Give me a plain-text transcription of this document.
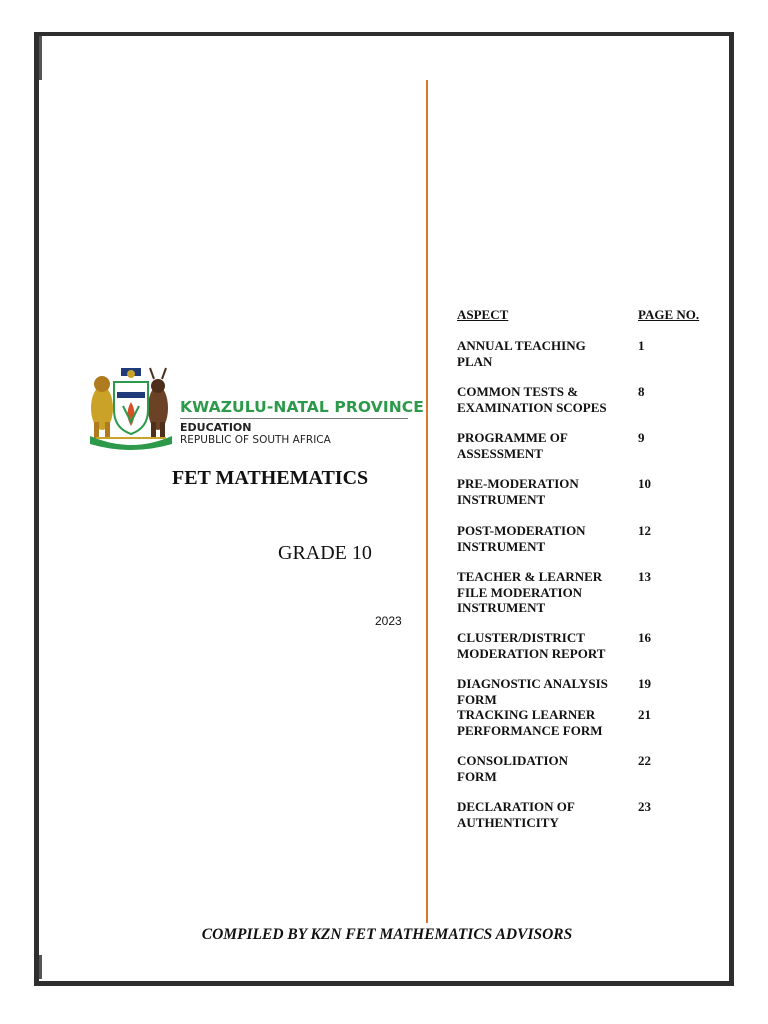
KWAZULU-NATAL PROVINCE
EDUCATION
REPUBLIC OF SOUTH AFRICA
FET MATHEMATICS
GRADE 10
2023
ASPECT	PAGE NO.
ANNUAL TEACHING
PLAN
1
COMMON TESTS &
EXAMINATION SCOPES
8
PROGRAMME OF
ASSESSMENT
9
PRE-MODERATION
INSTRUMENT
10
POST-MODERATION
INSTRUMENT
12
TEACHER & LEARNER
FILE MODERATION
INSTRUMENT
13
CLUSTER/DISTRICT
MODERATION REPORT
16
DIAGNOSTIC ANALYSIS
FORM
19
TRACKING LEARNER
PERFORMANCE FORM
21
CONSOLIDATION
FORM
22
DECLARATION OF
AUTHENTICITY
23
COMPILED BY KZN FET MATHEMATICS ADVISORS
